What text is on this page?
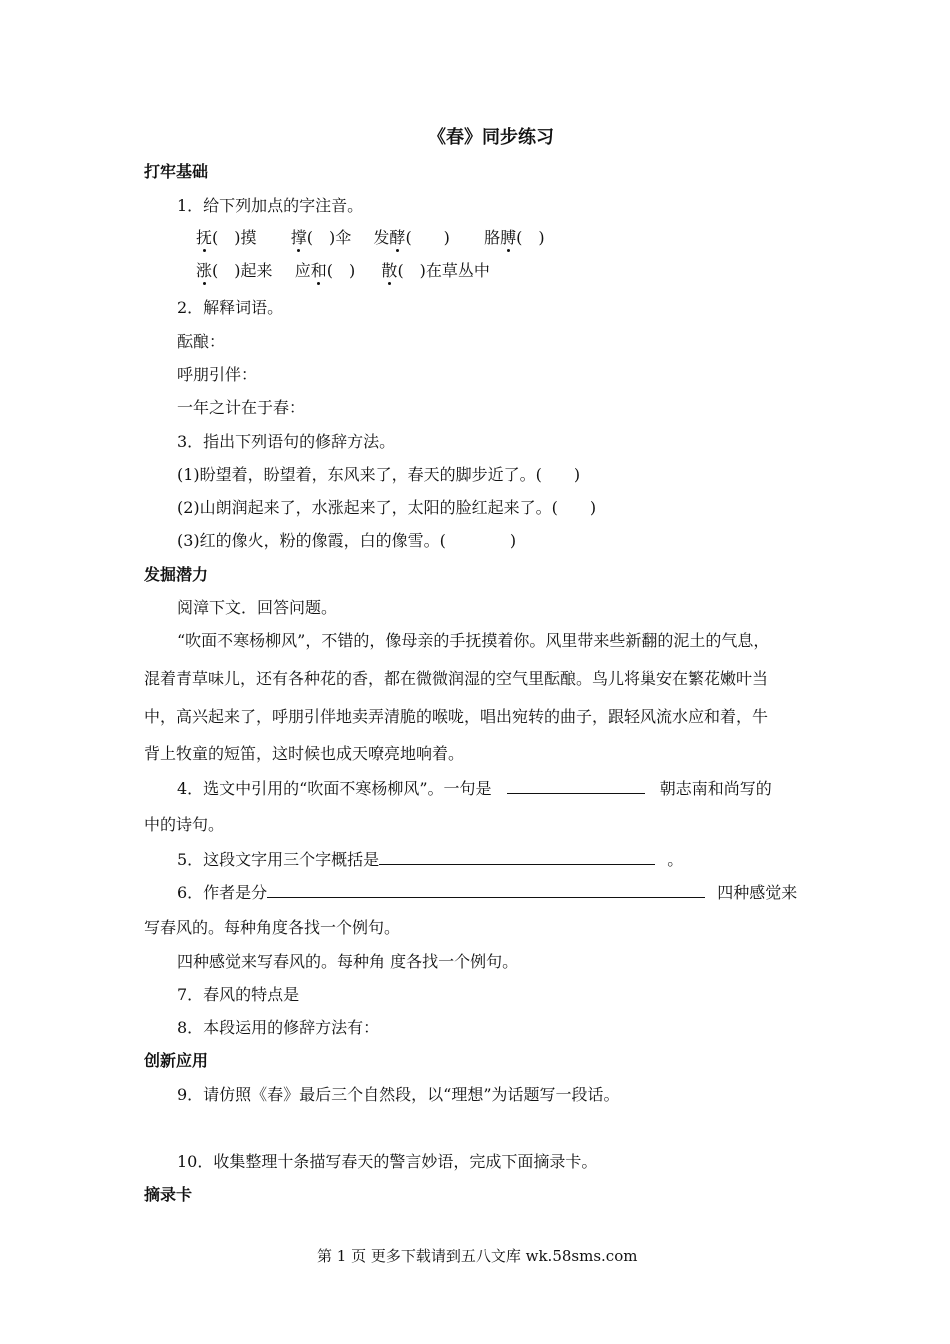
《春》同步练习
打牢基础
1．给下列加点的字注音。
抚(　)摸 撑(　)伞 发酵(　　) 胳膊(　)
涨(　)起来 应和(　) 散(　)在草丛中
2．解释词语。
酝酿：
呼朋引伴：
一年之计在于春：
3．指出下列语句的修辞方法。
(1)盼望着，盼望着，东风来了，春天的脚步近了。(　　)
(2)山朗润起来了，水涨起来了，太阳的脸红起来了。(　　)
(3)红的像火，粉的像霞，白的像雪。(　　　　)
发掘潜力
阅漳下文．回答问题。
“吹面不寒杨柳风”，不错的，像母亲的手抚摸着你。风里带来些新翻的泥土的气息，
混着青草味儿，还有各种花的香，都在微微润湿的空气里酝酿。鸟儿将巢安在繁花嫩叶当
中，高兴起来了，呼朋引伴地卖弄清脆的喉咙，唱出宛转的曲子，跟轻风流水应和着，牛
背上牧童的短笛，这时候也成天嘹亮地响着。
4．选文中引用的“吹面不寒杨柳风”。一句是	朝志南和尚写的
中的诗句。
5．这段文字用三个字概括是	。
6．作者是分	四种感觉来
写春风的。每种角度各找一个例句。
四种感觉来写春风的。每种角 度各找一个例句。
7．春风的特点是
8．本段运用的修辞方法有：
创新应用
9．请仿照《春》最后三个自然段，以“理想”为话题写一段话。
10．收集整理十条描写春天的警言妙语，完成下面摘录卡。
摘录卡
第 1 页 更多下载请到五八文库 wk.58sms.com
